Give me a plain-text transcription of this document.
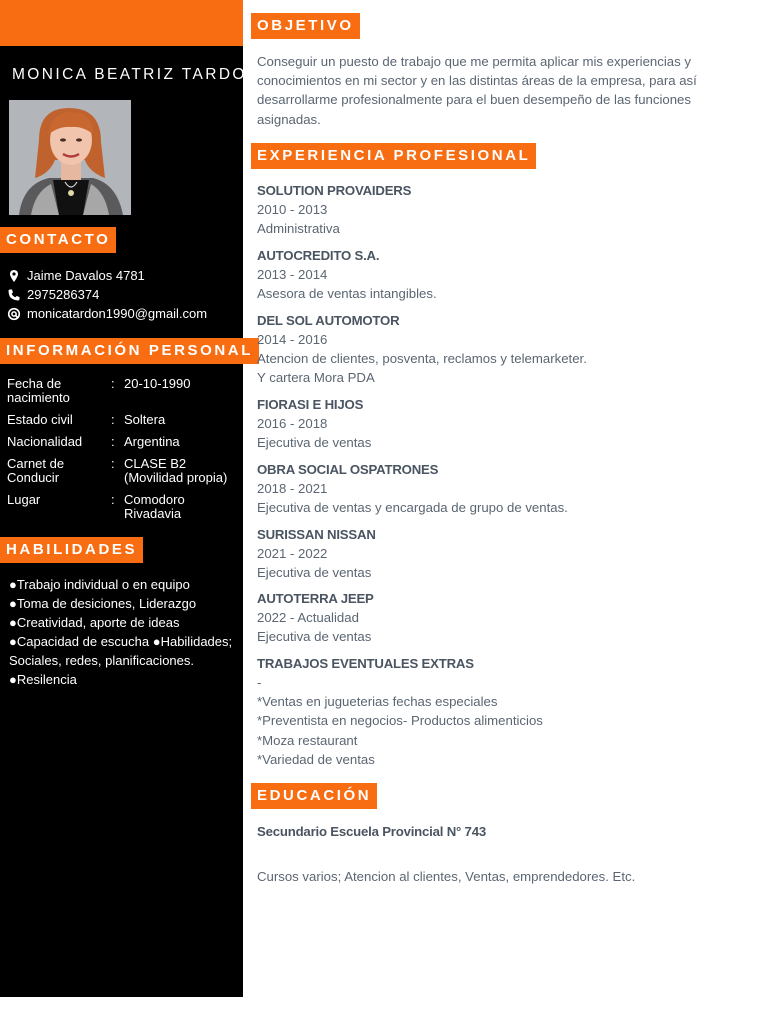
MONICA BEATRIZ TARDON
CONTACTO
Jaime Davalos 4781
2975286374
monicatardon1990@gmail.com
INFORMACIÓN PERSONAL
Fecha de nacimiento
: 20-10-1990
Estado civil	: Soltera
Nacionalidad	: Argentina
Carnet de Conducir
: CLASE B2 (Movilidad propia)
Lugar	: Comodoro Rivadavia
HABILIDADES
●Trabajo individual o en equipo
●Toma de desiciones, Liderazgo
●Creatividad, aporte de ideas
●Capacidad de escucha ●Habilidades; Sociales, redes, planificaciones.
●Resilencia
OBJETIVO
Conseguir un puesto de trabajo que me permita aplicar mis experiencias y conocimientos en mi sector y en las distintas áreas de la empresa, para así desarrollarme profesionalmente para el buen desempeño de las funciones asignadas.
EXPERIENCIA PROFESIONAL
SOLUTION PROVAIDERS
2010 - 2013
Administrativa
AUTOCREDITO S.A.
2013 - 2014
Asesora de ventas intangibles.
DEL SOL AUTOMOTOR
2014 - 2016
Atencion de clientes, posventa, reclamos y telemarketer.
Y cartera Mora PDA
FIORASI E HIJOS
2016 - 2018
Ejecutiva de ventas
OBRA SOCIAL OSPATRONES
2018 - 2021
Ejecutiva de ventas y encargada de grupo de ventas.
SURISSAN NISSAN
2021 - 2022
Ejecutiva de ventas
AUTOTERRA JEEP
2022 - Actualidad
Ejecutiva de ventas
TRABAJOS EVENTUALES EXTRAS
-
*Ventas en jugueterias fechas especiales
*Preventista en negocios- Productos alimenticios
*Moza restaurant
*Variedad de ventas
EDUCACIÓN
Secundario Escuela Provincial N° 743
Cursos varios; Atencion al clientes, Ventas, emprendedores. Etc.
